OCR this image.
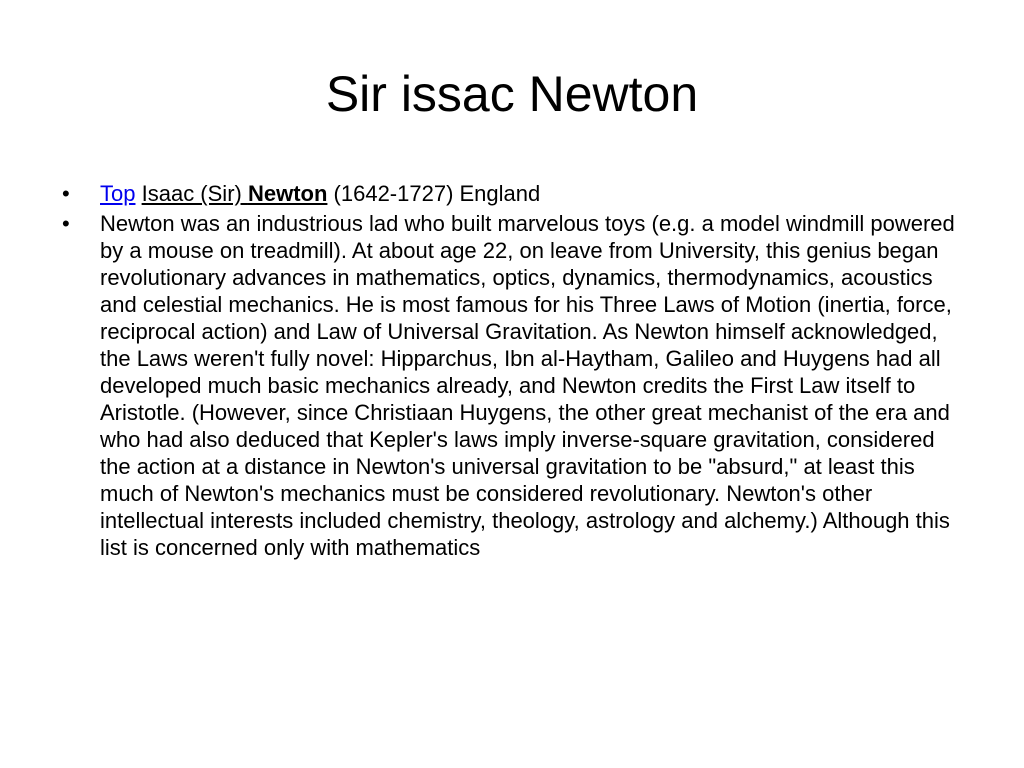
Sir issac Newton
• Top Isaac (Sir) Newton (1642-1727) England
• Newton was an industrious lad who built marvelous toys (e.g. a model windmill powered by a mouse on treadmill). At about age 22, on leave from University, this genius began revolutionary advances in mathematics, optics, dynamics, thermodynamics, acoustics and celestial mechanics. He is most famous for his Three Laws of Motion (inertia, force, reciprocal action) and Law of Universal Gravitation. As Newton himself acknowledged, the Laws weren't fully novel: Hipparchus, Ibn al-Haytham, Galileo and Huygens had all developed much basic mechanics already, and Newton credits the First Law itself to Aristotle. (However, since Christiaan Huygens, the other great mechanist of the era and who had also deduced that Kepler's laws imply inverse-square gravitation, considered the action at a distance in Newton's universal gravitation to be "absurd," at least this much of Newton's mechanics must be considered revolutionary. Newton's other intellectual interests included chemistry, theology, astrology and alchemy.) Although this list is concerned only with mathematics
